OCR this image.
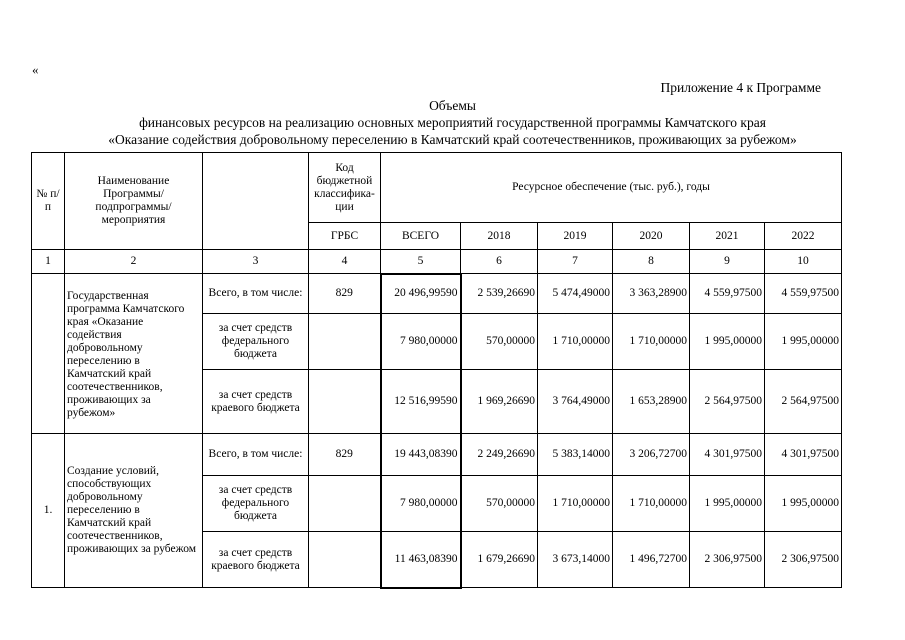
«
Приложение 4 к Программе
Объемы
финансовых ресурсов на реализацию основных мероприятий государственной программы Камчатского края
«Оказание содействия добровольному переселению в Камчатский край соотечественников, проживающих за рубежом»
№ п/п	Наименование Программы/ подпрограммы/ мероприятия		Код бюджетной классифика-ции	Ресурсное обеспечение (тыс. руб.), годы					
			ГРБС	ВСЕГО	2018	2019	2020	2021	2022
1	2	3	4	5	6	7	8	9	10
	Государственная программа Камчатского края «Оказание содействия добровольному переселению в Камчатский край соотечественников, проживающих за рубежом»	Всего, в том числе:	829	20 496,99590	2 539,26690	5 474,49000	3 363,28900	4 559,97500	4 559,97500
		за счет средств федерального бюджета		7 980,00000	570,00000	1 710,00000	1 710,00000	1 995,00000	1 995,00000
		за счет средств краевого бюджета		12 516,99590	1 969,26690	3 764,49000	1 653,28900	2 564,97500	2 564,97500
1.	Создание условий, способствующих добровольному переселению в Камчатский край соотечественников, проживающих за рубежом	Всего, в том числе:	829	19 443,08390	2 249,26690	5 383,14000	3 206,72700	4 301,97500	4 301,97500
		за счет средств федерального бюджета		7 980,00000	570,00000	1 710,00000	1 710,00000	1 995,00000	1 995,00000
		за счет средств краевого бюджета		11 463,08390	1 679,26690	3 673,14000	1 496,72700	2 306,97500	2 306,97500
